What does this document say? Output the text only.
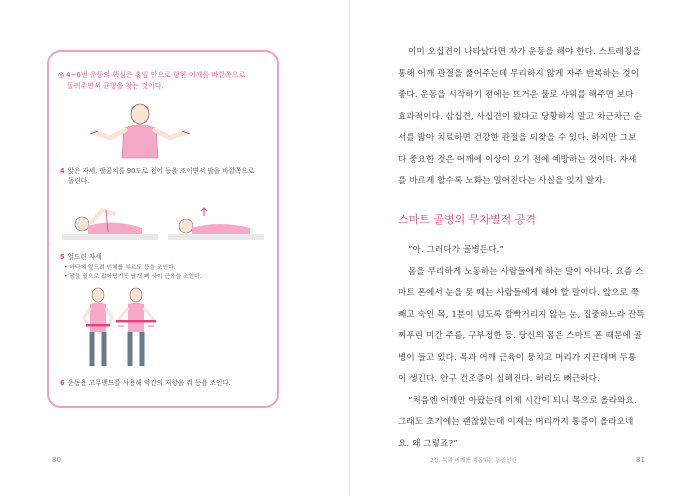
◎ 4~6번 운동의 핵심은 흉일 안으로 향한 어깨를 바깥쪽으로
돌려주면서 균형을 찾는 것이다.
4 앉은 자세, 팔꿈치를 90도로 접어 등을 조이면서 팔을 바깥쪽으로
돌린다.
5 엎드린 자세
• 바닥에 엎드려 인체를 부르도 등을 조인다.
• 팔을 밑으로 잡아당기듯 날개 뼈 사이 근육을 조인다.
6 운동용 고무밴드를 사용해 약간의 저항을 줘 등을 조인다.
80
이미 오십견이 나타났다면 자가 운동을 해야 한다. 스트레칭을
통해 어깨 관절을 풀어주는데 무리하지 않게 자주 반복하는 것이
좋다. 운동을 시작하기 전에는 뜨거운 물로 샤워를 해주면 보다
효과적이다. 삼십견, 사십견이 왔다고 당황하지 말고 차근차근 순
서를 밟아 치료하면 건강한 관절을 되찾을 수 있다. 하지만 그보
다 중요한 것은 어깨에 이상이 오기 전에 예방하는 것이다. 자세
를 바르게 할수록 노화는 멀어진다는 사실을 잊지 말자.
스마트 골병의 무차별적 공격
“아. 그러다가 골병든다.”
몸을 무리하게 노동하는 사람들에게 하는 말이 아니다. 요즘 스
마트 폰에서 눈을 못 떼는 사람들에게 해야 할 말이다. 앞으로 쭉
빼고 숙인 목, 1분이 넘도록 깜빡거리지 않는 눈, 집중하느라 잔뜩
찌푸린 미간 주름, 구부정한 등. 당신의 몸은 스마트 폰 때문에 골
병이 들고 있다. 목과 어깨 근육이 뭉치고 머리가 지끈대며 두통
이 생긴다. 안구 건조증이 심해진다. 허리도 뻐근하다.
“처음엔 어깨만 아팠는데 이제 시간이 되니 목으로 올라와요.
그래도 초기에는 괜찮았는데 이제는 머리까지 통증이 올라오네
요. 왜 그렇죠?”
2장. 목과 어깨를 괴롭히는 통증신안	81
